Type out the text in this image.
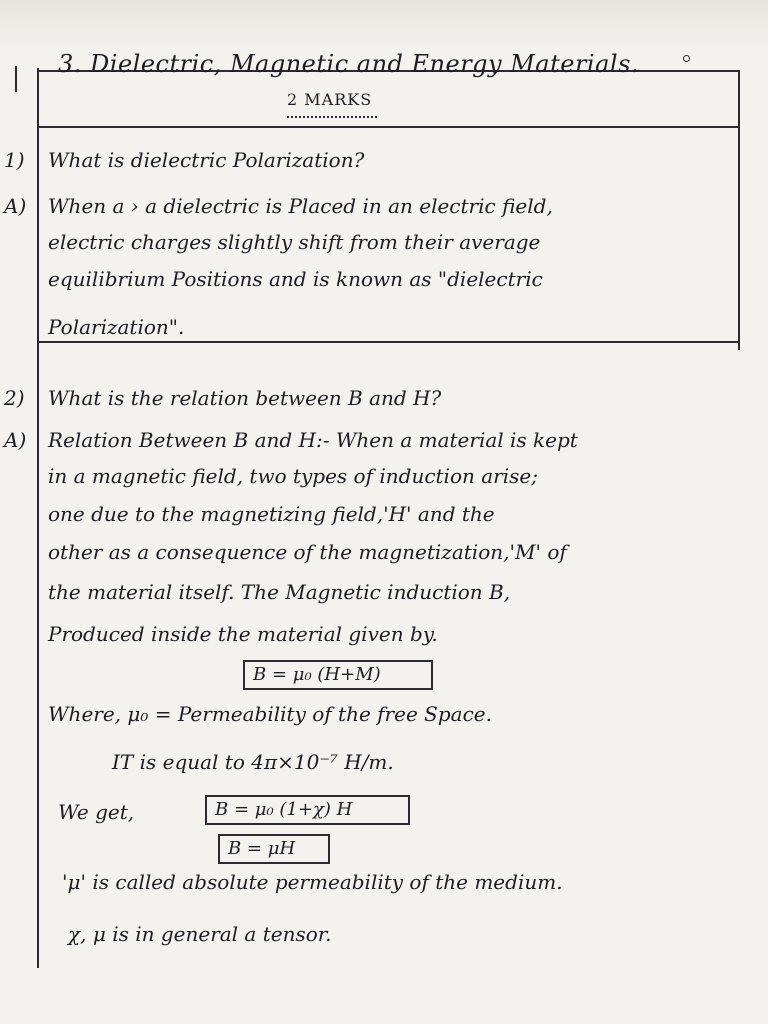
3. Dielectric, Magnetic and Energy Materials.
2 MARKS
1) What is dielectric Polarization?
A) When a › a dielectric is Placed in an electric field,
electric charges slightly shift from their average
equilibrium Positions and is known as "dielectric
Polarization".
2) What is the relation between B and H?
A) Relation Between B and H:- When a material is kept
in a magnetic field, two types of induction arise;
one due to the magnetizing field,'H' and the
other as a consequence of the magnetization,'M' of
the material itself. The Magnetic induction B,
Produced inside the material given by.
B = μ₀ (H+M)
Where, μ₀ = Permeability of the free Space.
IT is equal to 4π×10⁻⁷ H/m.
We get,	B = μ₀ (1+χ) H
B = μH
'μ' is called absolute permeability of the medium.
χ, μ is in general a tensor.
